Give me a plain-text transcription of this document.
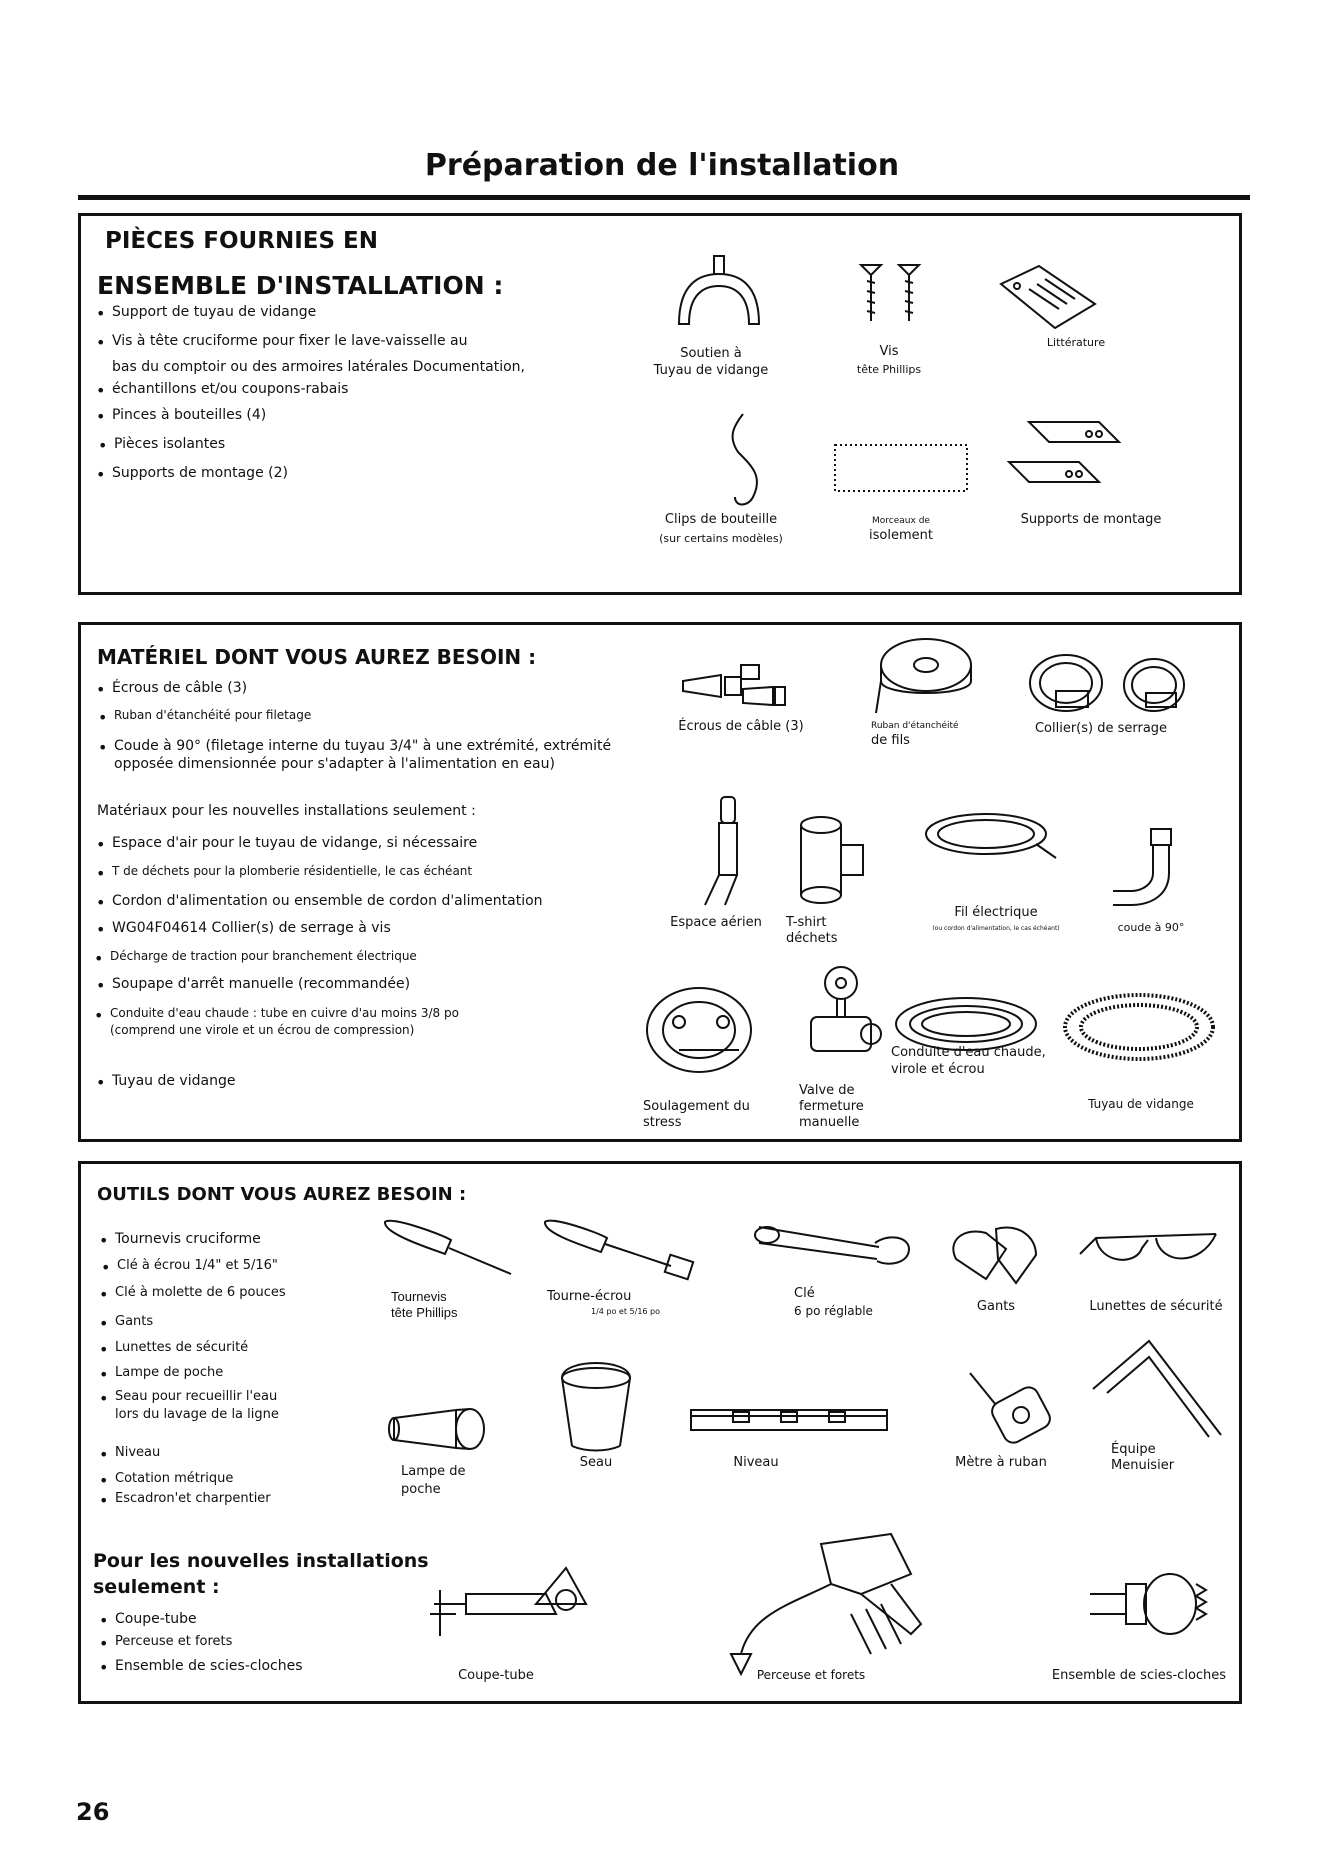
Préparation de l'installation
PIÈCES FOURNIES EN
ENSEMBLE D'INSTALLATION :
• Support de tuyau de vidange
• Vis à tête cruciforme pour fixer le lave-vaisselle au
bas du comptoir ou des armoires latérales Documentation,
• échantillons et/ou coupons-rabais
• Pinces à bouteilles (4)
• Pièces isolantes
• Supports de montage (2)
Soutien à
Tuyau de vidange
Vis
tête Phillips
Littérature
Clips de bouteille
(sur certains modèles)
Morceaux de
isolement
Supports de montage
MATÉRIEL DONT VOUS AUREZ BESOIN :
• Écrous de câble (3)
• Ruban d'étanchéité pour filetage
• Coude à 90° (filetage interne du tuyau 3/4" à une extrémité, extrémité
opposée dimensionnée pour s'adapter à l'alimentation en eau)
Matériaux pour les nouvelles installations seulement :
• Espace d'air pour le tuyau de vidange, si nécessaire
• T de déchets pour la plomberie résidentielle, le cas échéant
• Cordon d'alimentation ou ensemble de cordon d'alimentation
• WG04F04614 Collier(s) de serrage à vis
• Décharge de traction pour branchement électrique
• Soupape d'arrêt manuelle (recommandée)
• Conduite d'eau chaude : tube en cuivre d'au moins 3/8 po
(comprend une virole et un écrou de compression)
• Tuyau de vidange
Écrous de câble (3)	Ruban d'étanchéité
de fils
Collier(s) de serrage
Espace aérien	T-shirt
déchets
Fil électrique
(ou cordon d'alimentation, le cas échéant)	coude à 90°
Soulagement du
stress
Valve de
fermeture
manuelle
Conduite d'eau chaude,
virole et écrou
Tuyau de vidange
OUTILS DONT VOUS AUREZ BESOIN :
• Tournevis cruciforme
• Clé à écrou 1/4" et 5/16"
• Clé à molette de 6 pouces
• Gants
• Lunettes de sécurité
• Lampe de poche
• Seau pour recueillir l'eau
lors du lavage de la ligne
• Niveau
• Cotation métrique
• Escadron'et charpentier
Pour les nouvelles installations
seulement :
• Coupe-tube
• Perceuse et forets
• Ensemble de scies-cloches
Tournevis
tête Phillips
Tourne-écrou
1/4 po et 5/16 po
Clé
6 po réglable	Gants	Lunettes de sécurité
Lampe de
poche
Seau	Niveau	Mètre à ruban
Équipe
Menuisier
Coupe-tube	Perceuse et forets	Ensemble de scies-cloches
26
